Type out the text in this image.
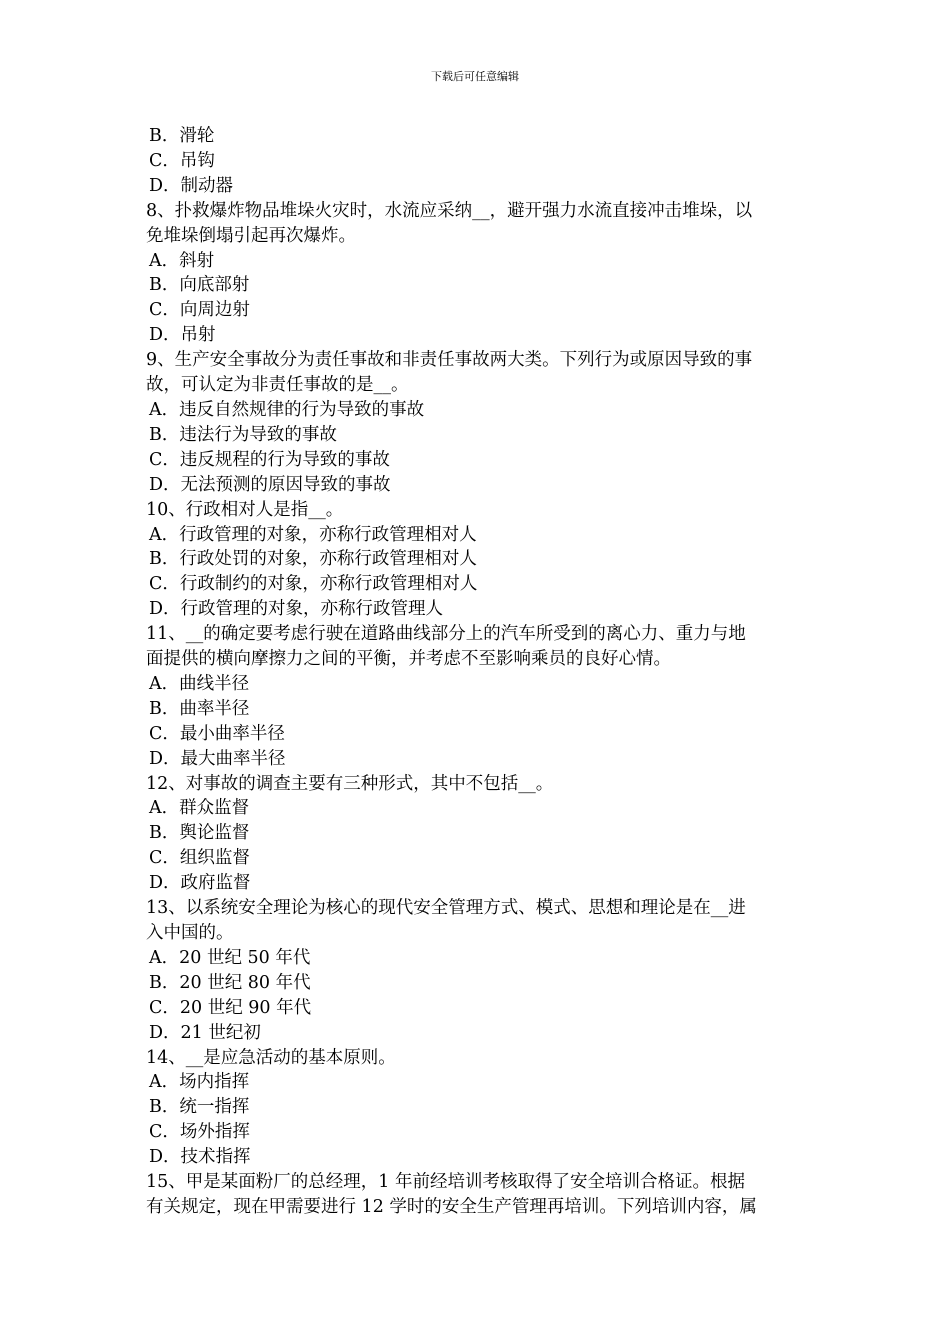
下载后可任意编辑
B．滑轮
C．吊钩
D．制动器
8、扑救爆炸物品堆垛火灾时，水流应采纳__，避开强力水流直接冲击堆垛，以
免堆垛倒塌引起再次爆炸。
A．斜射
B．向底部射
C．向周边射
D．吊射
9、生产安全事故分为责任事故和非责任事故两大类。下列行为或原因导致的事
故，可认定为非责任事故的是__。
A．违反自然规律的行为导致的事故
B．违法行为导致的事故
C．违反规程的行为导致的事故
D．无法预测的原因导致的事故
10、行政相对人是指__。
A．行政管理的对象，亦称行政管理相对人
B．行政处罚的对象，亦称行政管理相对人
C．行政制约的对象，亦称行政管理相对人
D．行政管理的对象，亦称行政管理人
11、__的确定要考虑行驶在道路曲线部分上的汽车所受到的离心力、重力与地
面提供的横向摩擦力之间的平衡，并考虑不至影响乘员的良好心情。
A．曲线半径
B．曲率半径
C．最小曲率半径
D．最大曲率半径
12、对事故的调查主要有三种形式，其中不包括__。
A．群众监督
B．舆论监督
C．组织监督
D．政府监督
13、以系统安全理论为核心的现代安全管理方式、模式、思想和理论是在__进
入中国的。
A．20 世纪 50 年代
B．20 世纪 80 年代
C．20 世纪 90 年代
D．21 世纪初
14、__是应急活动的基本原则。
A．场内指挥
B．统一指挥
C．场外指挥
D．技术指挥
15、甲是某面粉厂的总经理，1 年前经培训考核取得了安全培训合格证。根据
有关规定，现在甲需要进行 12 学时的安全生产管理再培训。下列培训内容，属
